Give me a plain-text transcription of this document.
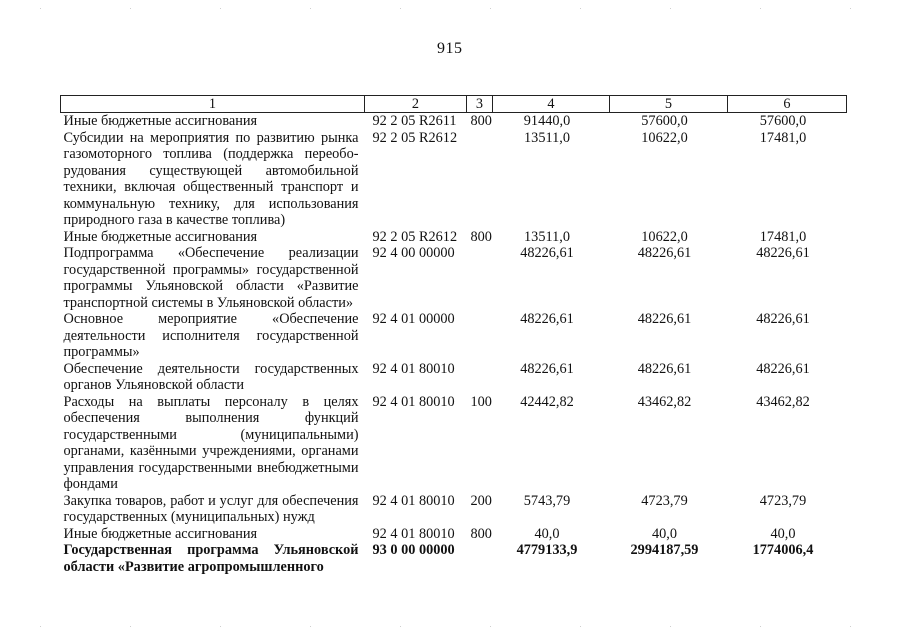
915
1	2	3	4	5	6
Иные бюджетные ассигнования	92 2 05 R2611	800	91440,0	57600,0	57600,0
Субсидии на мероприятия по развитию рынка газомоторного топлива (поддержка переобо-рудования существующей автомобильной техники, включая общественный транспорт и коммунальную технику, для использования природного газа в качестве топлива)	92 2 05 R2612		13511,0	10622,0	17481,0
Иные бюджетные ассигнования	92 2 05 R2612	800	13511,0	10622,0	17481,0
Подпрограмма «Обеспечение реализации государственной программы» государственной программы Ульяновской области «Развитие транспортной системы в Ульяновской области»	92 4 00 00000		48226,61	48226,61	48226,61
Основное мероприятие «Обеспечение деятельности исполнителя государственной программы»	92 4 01 00000		48226,61	48226,61	48226,61
Обеспечение деятельности государственных органов Ульяновской области	92 4 01 80010		48226,61	48226,61	48226,61
Расходы на выплаты персоналу в целях обеспечения выполнения функций государственными (муниципальными) органами, казёнными учреждениями, органами управления государственными внебюджетными фондами	92 4 01 80010	100	42442,82	43462,82	43462,82
Закупка товаров, работ и услуг для обеспечения государственных (муниципальных) нужд	92 4 01 80010	200	5743,79	4723,79	4723,79
Иные бюджетные ассигнования	92 4 01 80010	800	40,0	40,0	40,0
Государственная программа Ульяновской области «Развитие агропромышленного	93 0 00 00000		4779133,9	2994187,59	1774006,4
